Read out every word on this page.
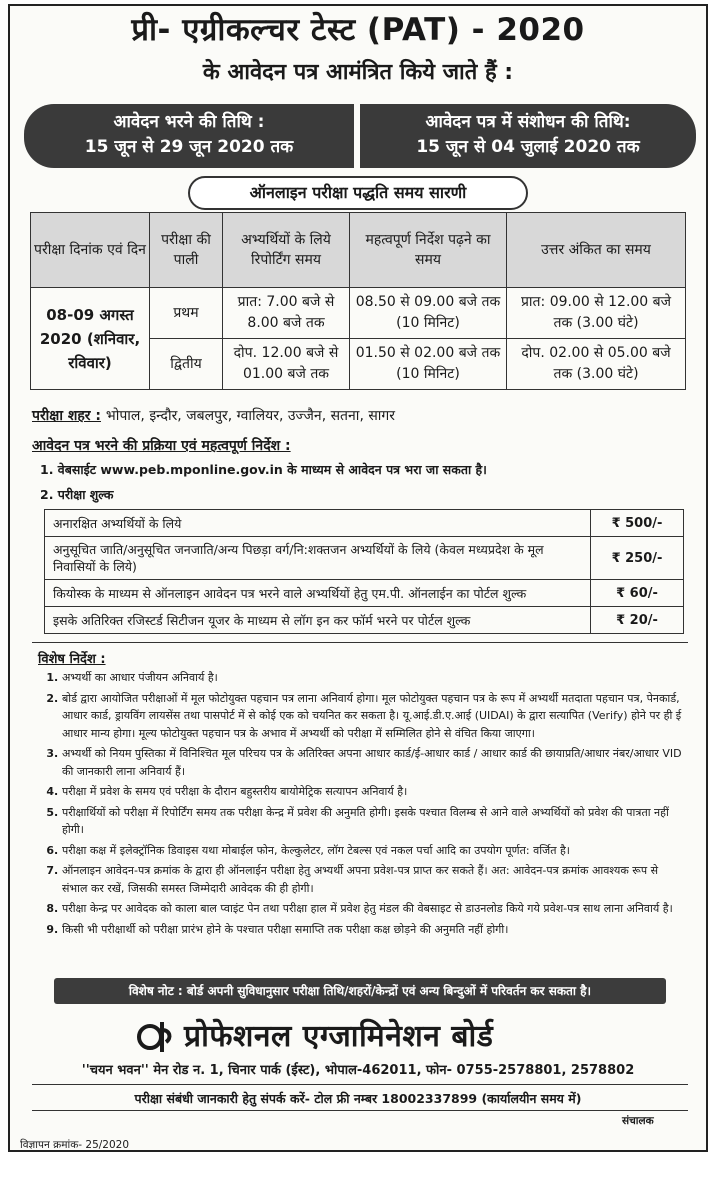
प्री- एग्रीकल्चर टेस्ट (PAT) - 2020
के आवेदन पत्र आमंत्रित किये जाते हैं :
आवेदन भरने की तिथि :
15 जून से 29 जून 2020 तक
आवेदन पत्र में संशोधन की तिथि:
15 जून से 04 जुलाई 2020 तक
ऑनलाइन परीक्षा पद्धति समय सारणी
परीक्षा दिनांक एवं दिन	परीक्षा की पाली	अभ्यर्थियों के लिये रिपोर्टिंग समय	महत्वपूर्ण निर्देश पढ़ने का समय	उत्तर अंकित का समय
08-09 अगस्त 2020 (शनिवार, रविवार)	प्रथम	प्रात: 7.00 बजे से 8.00 बजे तक	08.50 से 09.00 बजे तक (10 मिनिट)	प्रात: 09.00 से 12.00 बजे तक (3.00 घंटे)
	द्वितीय	दोप. 12.00 बजे से 01.00 बजे तक	01.50 से 02.00 बजे तक (10 मिनिट)	दोप. 02.00 से 05.00 बजे तक (3.00 घंटे)
परीक्षा शहर : भोपाल, इन्दौर, जबलपुर, ग्वालियर, उज्जैन, सतना, सागर
आवेदन पत्र भरने की प्रक्रिया एवं महत्वपूर्ण निर्देश :
1. वेबसाईट www.peb.mponline.gov.in के माध्यम से आवेदन पत्र भरा जा सकता है।
2. परीक्षा शुल्क
अनारक्षित अभ्यर्थियों के लिये	₹ 500/-
अनुसूचित जाति/अनुसूचित जनजाति/अन्य पिछड़ा वर्ग/नि:शक्तजन अभ्यर्थियों के लिये (केवल मध्यप्रदेश के मूल निवासियों के लिये)	₹ 250/-
कियोस्क के माध्यम से ऑनलाइन आवेदन पत्र भरने वाले अभ्यर्थियों हेतु एम.पी. ऑनलाईन का पोर्टल शुल्क	₹ 60/-
इसके अतिरिक्त रजिस्टर्ड सिटीजन यूजर के माध्यम से लॉग इन कर फॉर्म भरने पर पोर्टल शुल्क	₹ 20/-
विशेष निर्देश :
1. अभ्यर्थी का आधार पंजीयन अनिवार्य है।
2. बोर्ड द्वारा आयोजित परीक्षाओं में मूल फोटोयुक्त पहचान पत्र लाना अनिवार्य होगा। मूल फोटोयुक्त पहचान पत्र के रूप में अभ्यर्थी मतदाता पहचान पत्र, पेनकार्ड, आधार कार्ड, ड्रायविंग लायसेंस तथा पासपोर्ट में से कोई एक को चयनित कर सकता है। यू.आई.डी.ए.आई (UIDAI) के द्वारा सत्यापित (Verify) होने पर ही ई आधार मान्य होगा। मूल्य फोटोयुक्त पहचान पत्र के अभाव में अभ्यर्थी को परीक्षा में सम्मिलित होने से वंचित किया जाएगा।
3. अभ्यर्थी को नियम पुस्तिका में विनिश्चित मूल परिचय पत्र के अतिरिक्त अपना आधार कार्ड/ई-आधार कार्ड / आधार कार्ड की छायाप्रति/आधार नंबर/आधार VID की जानकारी लाना अनिवार्य हैं।
4. परीक्षा में प्रवेश के समय एवं परीक्षा के दौरान बहुस्तरीय बायोमेट्रिक सत्यापन अनिवार्य है।
5. परीक्षार्थियों को परीक्षा में रिपोर्टिंग समय तक परीक्षा केन्द्र में प्रवेश की अनुमति होगी। इसके पश्चात विलम्ब से आने वाले अभ्यर्थियों को प्रवेश की पात्रता नहीं होगी।
6. परीक्षा कक्ष में इलेक्ट्रॉनिक डिवाइस यथा मोबाईल फोन, केल्कुलेटर, लॉग टेबल्स एवं नकल पर्चा आदि का उपयोग पूर्णत: वर्जित है।
7. ऑनलाइन आवेदन-पत्र क्रमांक के द्वारा ही ऑनलाईन परीक्षा हेतु अभ्यर्थी अपना प्रवेश-पत्र प्राप्त कर सकते हैं। अत: आवेदन-पत्र क्रमांक आवश्यक रूप से संभाल कर रखें, जिसकी समस्त जिम्मेदारी आवेदक की ही होगी।
8. परीक्षा केन्द्र पर आवेदक को काला बाल प्वाइंट पेन तथा परीक्षा हाल में प्रवेश हेतु मंडल की वेबसाइट से डाउनलोड किये गये प्रवेश-पत्र साथ लाना अनिवार्य है।
9. किसी भी परीक्षार्थी को परीक्षा प्रारंभ होने के पश्चात परीक्षा समाप्ति तक परीक्षा कक्ष छोड़ने की अनुमति नहीं होगी।
विशेष नोट : बोर्ड अपनी सुविधानुसार परीक्षा तिथि/शहरों/केन्द्रों एवं अन्य बिन्दुओं में परिवर्तन कर सकता है।
प्रोफेशनल एग्जामिनेशन बोर्ड
''चयन भवन'' मेन रोड न. 1, चिनार पार्क (ईस्ट), भोपाल-462011, फोन- 0755-2578801, 2578802
परीक्षा संबंधी जानकारी हेतु संपर्क करें- टोल फ्री नम्बर 18002337899 (कार्यालयीन समय में)
संचालक
विज्ञापन क्रमांक- 25/2020
